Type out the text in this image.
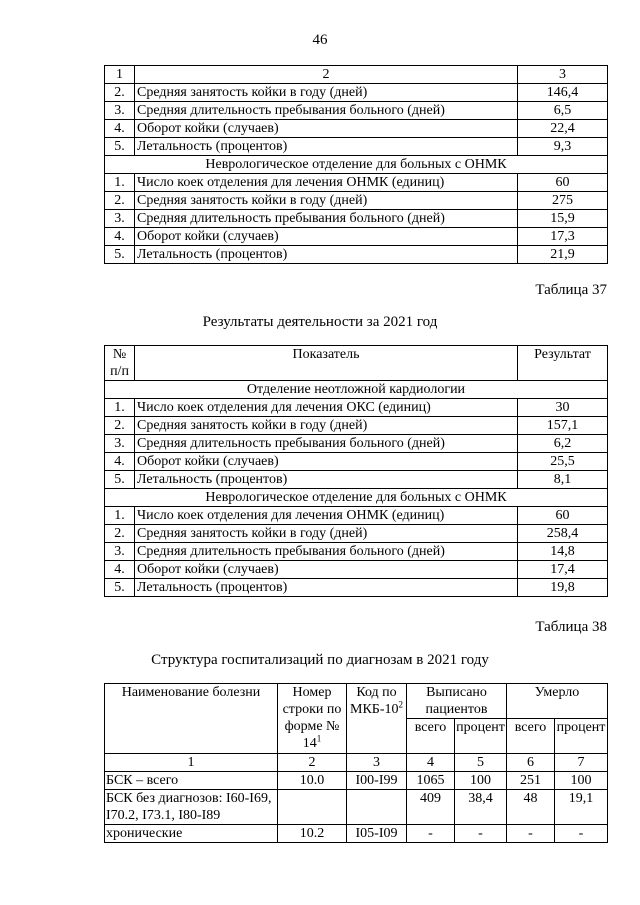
46
1	2	3
2.	Средняя занятость койки в году (дней)	146,4
3.	Средняя длительность пребывания больного (дней)	6,5
4.	Оборот койки (случаев)	22,4
5.	Летальность (процентов)	9,3
Неврологическое отделение для больных с ОНМК		
1.	Число коек отделения для лечения ОНМК (единиц)	60
2.	Средняя занятость койки в году (дней)	275
3.	Средняя длительность пребывания больного (дней)	15,9
4.	Оборот койки (случаев)	17,3
5.	Летальность (процентов)	21,9
Таблица 37
Результаты деятельности за 2021 год
№ п/п	Показатель	Результат
Отделение неотложной кардиологии		
1.	Число коек отделения для лечения ОКС (единиц)	30
2.	Средняя занятость койки в году (дней)	157,1
3.	Средняя длительность пребывания больного (дней)	6,2
4.	Оборот койки (случаев)	25,5
5.	Летальность (процентов)	8,1
Неврологическое отделение для больных с ОНМК		
1.	Число коек отделения для лечения ОНМК (единиц)	60
2.	Средняя занятость койки в году (дней)	258,4
3.	Средняя длительность пребывания больного (дней)	14,8
4.	Оборот койки (случаев)	17,4
5.	Летальность (процентов)	19,8
Таблица 38
Структура госпитализаций по диагнозам в 2021 году
Наименование болезни	Номер строки по форме № $14^1$	Код по МКБ-$10^2$	Выписано пациентов		Умерло	
			всего	процент	всего	процент
1	2	3	4	5	6	7
БСК – всего	10.0	I00-I99	1065	100	251	100
БСК без диагнозов: I60-I69, I70.2, I73.1, I80-I89			409	38,4	48	19,1
хронические	10.2	I05-I09	-	-	-	-
